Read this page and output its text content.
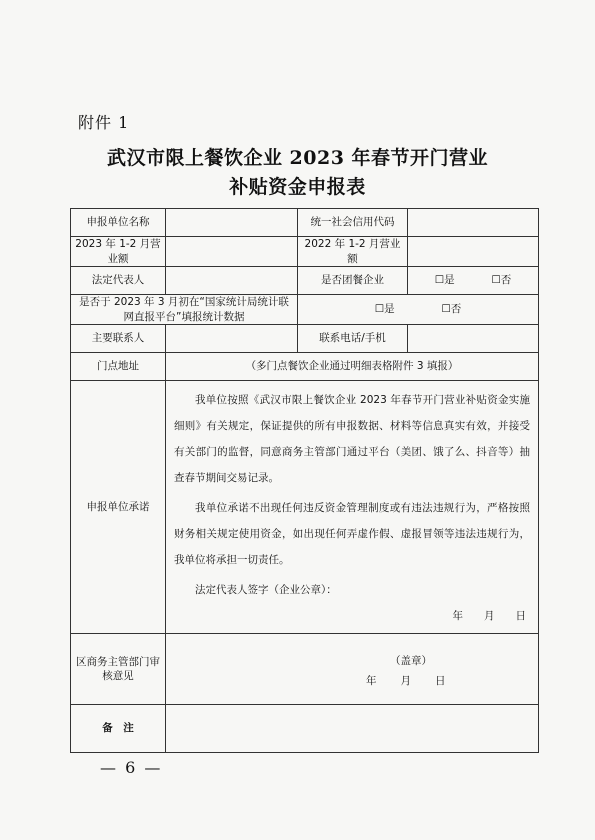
附件 1
武汉市限上餐饮企业 2023 年春节开门营业
补贴资金申报表
申报单位名称		统一社会信用代码	
2023 年 1-2 月营业额		2022 年 1-2 月营业额	
法定代表人		是否团餐企业	☐是 ☐否
是否于 2023 年 3 月初在“国家统计局统计联网直报平台”填报统计数据		☐是 ☐否	
主要联系人		联系电话/手机	
门点地址	（多门点餐饮企业通过明细表格附件 3 填报）		
申报单位承诺	我单位按照《武汉市限上餐饮企业 2023 年春节开门营业补贴资金实施细则》有关规定，保证提供的所有申报数据、材料等信息真实有效，并接受有关部门的监督，同意商务主管部门通过平台（美团、饿了么、抖音等）抽查春节期间交易记录。

我单位承诺不出现任何违反资金管理制度或有违法违规行为，严格按照财务相关规定使用资金，如出现任何弄虚作假、虚报冒领等违法违规行为，我单位将承担一切责任。

法定代表人签字（企业公章）：

年　　月　　日		

区商务主管部门审核意见	（盖章）
年　　月　　日		

备　注			
— 6 —
